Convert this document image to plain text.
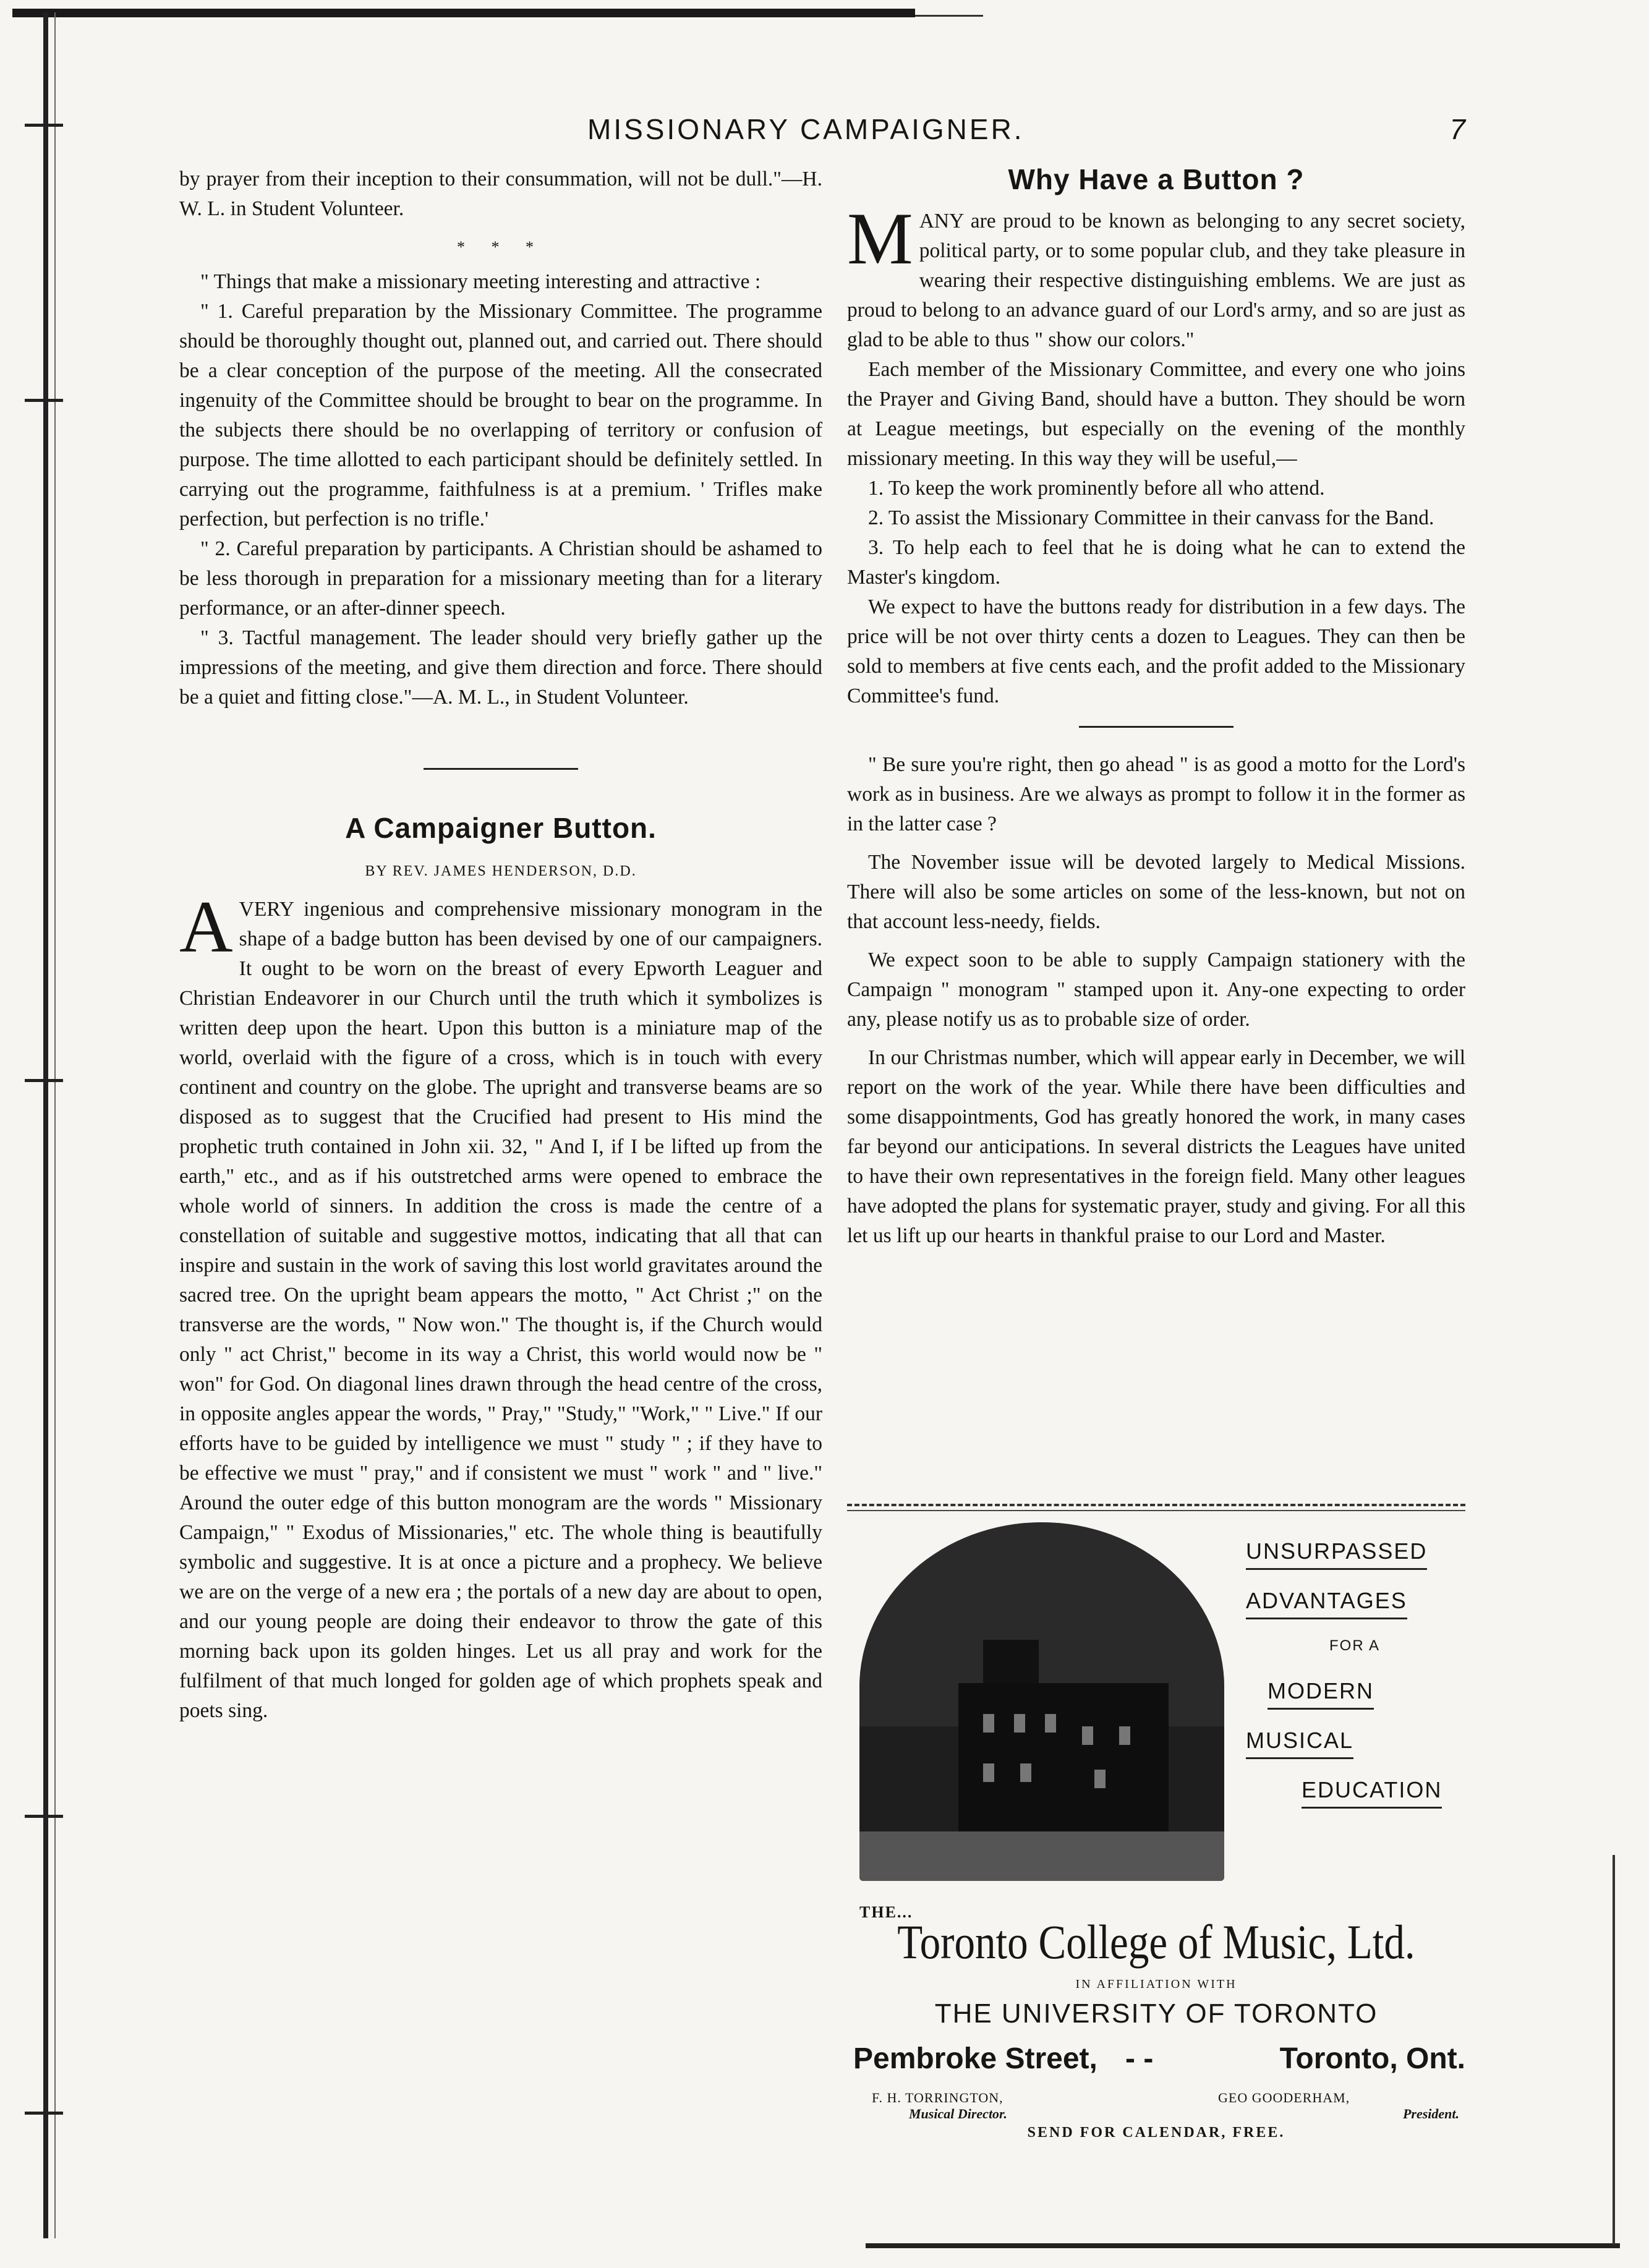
MISSIONARY CAMPAIGNER.	7

by prayer from their inception to their consummation, will not be dull."—H. W. L. in Student Volunteer.

* * *

" Things that make a missionary meeting interesting and attractive :

" 1. Careful preparation by the Missionary Committee. The programme should be thoroughly thought out, planned out, and carried out. There should be a clear conception of the purpose of the meeting. All the consecrated ingenuity of the Committee should be brought to bear on the programme. In the subjects there should be no overlapping of territory or confusion of purpose. The time allotted to each participant should be definitely settled. In carrying out the programme, faithfulness is at a premium. ' Trifles make perfection, but perfection is no trifle.'

" 2. Careful preparation by participants. A Christian should be ashamed to be less thorough in preparation for a missionary meeting than for a literary performance, or an after-dinner speech.

" 3. Tactful management. The leader should very briefly gather up the impressions of the meeting, and give them direction and force. There should be a quiet and fitting close."—A. M. L., in Student Volunteer.

A Campaigner Button.
BY REV. JAMES HENDERSON, D.D.

AVERY ingenious and comprehensive missionary monogram in the shape of a badge button has been devised by one of our campaigners. It ought to be worn on the breast of every Epworth Leaguer and Christian Endeavorer in our Church until the truth which it symbolizes is written deep upon the heart. Upon this button is a miniature map of the world, overlaid with the figure of a cross, which is in touch with every continent and country on the globe. The upright and transverse beams are so disposed as to suggest that the Crucified had present to His mind the prophetic truth contained in John xii. 32, " And I, if I be lifted up from the earth," etc., and as if his outstretched arms were opened to embrace the whole world of sinners. In addition the cross is made the centre of a constellation of suitable and suggestive mottos, indicating that all that can inspire and sustain in the work of saving this lost world gravitates around the sacred tree. On the upright beam appears the motto, " Act Christ ;" on the transverse are the words, " Now won." The thought is, if the Church would only " act Christ," become in its way a Christ, this world would now be " won" for God. On diagonal lines drawn through the head centre of the cross, in opposite angles appear the words, " Pray," "Study," "Work," " Live." If our efforts have to be guided by intelligence we must " study " ; if they have to be effective we must " pray," and if consistent we must " work " and " live." Around the outer edge of this button monogram are the words " Missionary Campaign," " Exodus of Missionaries," etc. The whole thing is beautifully symbolic and suggestive. It is at once a picture and a prophecy. We believe we are on the verge of a new era ; the portals of a new day are about to open, and our young people are doing their endeavor to throw the gate of this morning back upon its golden hinges. Let us all pray and work for the fulfilment of that much longed for golden age of which prophets speak and poets sing.

Why Have a Button ?

MANY are proud to be known as belonging to any secret society, political party, or to some popular club, and they take pleasure in wearing their respective distinguishing emblems. We are just as proud to belong to an advance guard of our Lord's army, and so are just as glad to be able to thus " show our colors."

Each member of the Missionary Committee, and every one who joins the Prayer and Giving Band, should have a button. They should be worn at League meetings, but especially on the evening of the monthly missionary meeting. In this way they will be useful,—

1. To keep the work prominently before all who attend.

2. To assist the Missionary Committee in their canvass for the Band.

3. To help each to feel that he is doing what he can to extend the Master's kingdom.

We expect to have the buttons ready for distribution in a few days. The price will be not over thirty cents a dozen to Leagues. They can then be sold to members at five cents each, and the profit added to the Missionary Committee's fund.

" Be sure you're right, then go ahead " is as good a motto for the Lord's work as in business. Are we always as prompt to follow it in the former as in the latter case ?

The November issue will be devoted largely to Medical Missions. There will also be some articles on some of the less-known, but not on that account less-needy, fields.

We expect soon to be able to supply Campaign stationery with the Campaign " monogram " stamped upon it. Any-one expecting to order any, please notify us as to probable size of order.

In our Christmas number, which will appear early in December, we will report on the work of the year. While there have been difficulties and some disappointments, God has greatly honored the work, in many cases far beyond our anticipations. In several districts the Leagues have united to have their own representatives in the foreign field. Many other leagues have adopted the plans for systematic prayer, study and giving. For all this let us lift up our hearts in thankful praise to our Lord and Master.

UNSURPASSED
ADVANTAGES
FOR A
MODERN
MUSICAL
EDUCATION
THE...
Toronto College of Music, Ltd.
IN AFFILIATION WITH
THE UNIVERSITY OF TORONTO
Pembroke Street, - -	Toronto, Ont.
F. H. TORRINGTON,	GEO GOODERHAM,
Musical Director.	President.
SEND FOR CALENDAR, FREE.
